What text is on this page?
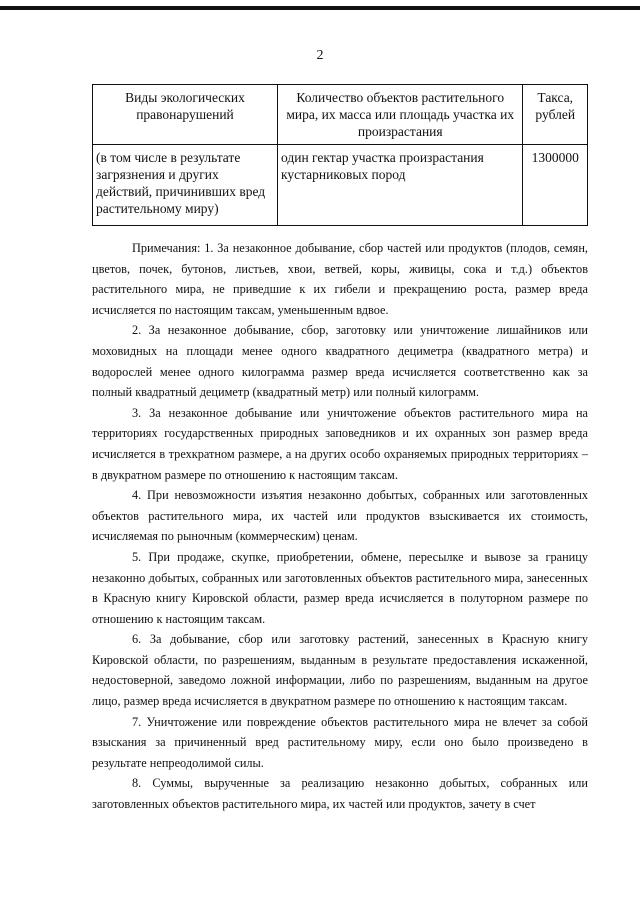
2
Виды экологических правонарушений	Количество объектов растительного мира, их масса или площадь участка их произрастания	Такса, рублей
(в том числе в результате загрязнения и других действий, причинивших вред растительному миру)	один гектар участка произрастания кустарниковых пород	1300000

Примечания: 1. За незаконное добывание, сбор частей или продуктов (плодов, семян, цветов, почек, бутонов, листьев, хвои, ветвей, коры, живицы, сока и т.д.) объектов растительного мира, не приведшие к их гибели и прекращению роста, размер вреда исчисляется по настоящим таксам, уменьшенным вдвое.

2. За незаконное добывание, сбор, заготовку или уничтожение лишайников или моховидных на площади менее одного квадратного дециметра (квадратного метра) и водорослей менее одного килограмма размер вреда исчисляется соответственно как за полный квадратный дециметр (квадратный метр) или полный килограмм.

3. За незаконное добывание или уничтожение объектов растительного мира на территориях государственных природных заповедников и их охранных зон размер вреда исчисляется в трехкратном размере, а на других особо охраняемых природных территориях – в двукратном размере по отношению к настоящим таксам.

4. При невозможности изъятия незаконно добытых, собранных или заготовленных объектов растительного мира, их частей или продуктов взыскивается их стоимость, исчисляемая по рыночным (коммерческим) ценам.

5. При продаже, скупке, приобретении, обмене, пересылке и вывозе за границу незаконно добытых, собранных или заготовленных объектов растительного мира, занесенных в Красную книгу Кировской области, размер вреда исчисляется в полуторном размере по отношению к настоящим таксам.

6. За добывание, сбор или заготовку растений, занесенных в Красную книгу Кировской области, по разрешениям, выданным в результате предоставления искаженной, недостоверной, заведомо ложной информации, либо по разрешениям, выданным на другое лицо, размер вреда исчисляется в двукратном размере по отношению к настоящим таксам.

7. Уничтожение или повреждение объектов растительного мира не влечет за собой взыскания за причиненный вред растительному миру, если оно было произведено в результате непреодолимой силы.

8. Суммы, вырученные за реализацию незаконно добытых, собранных или заготовленных объектов растительного мира, их частей или продуктов, зачету в счет
